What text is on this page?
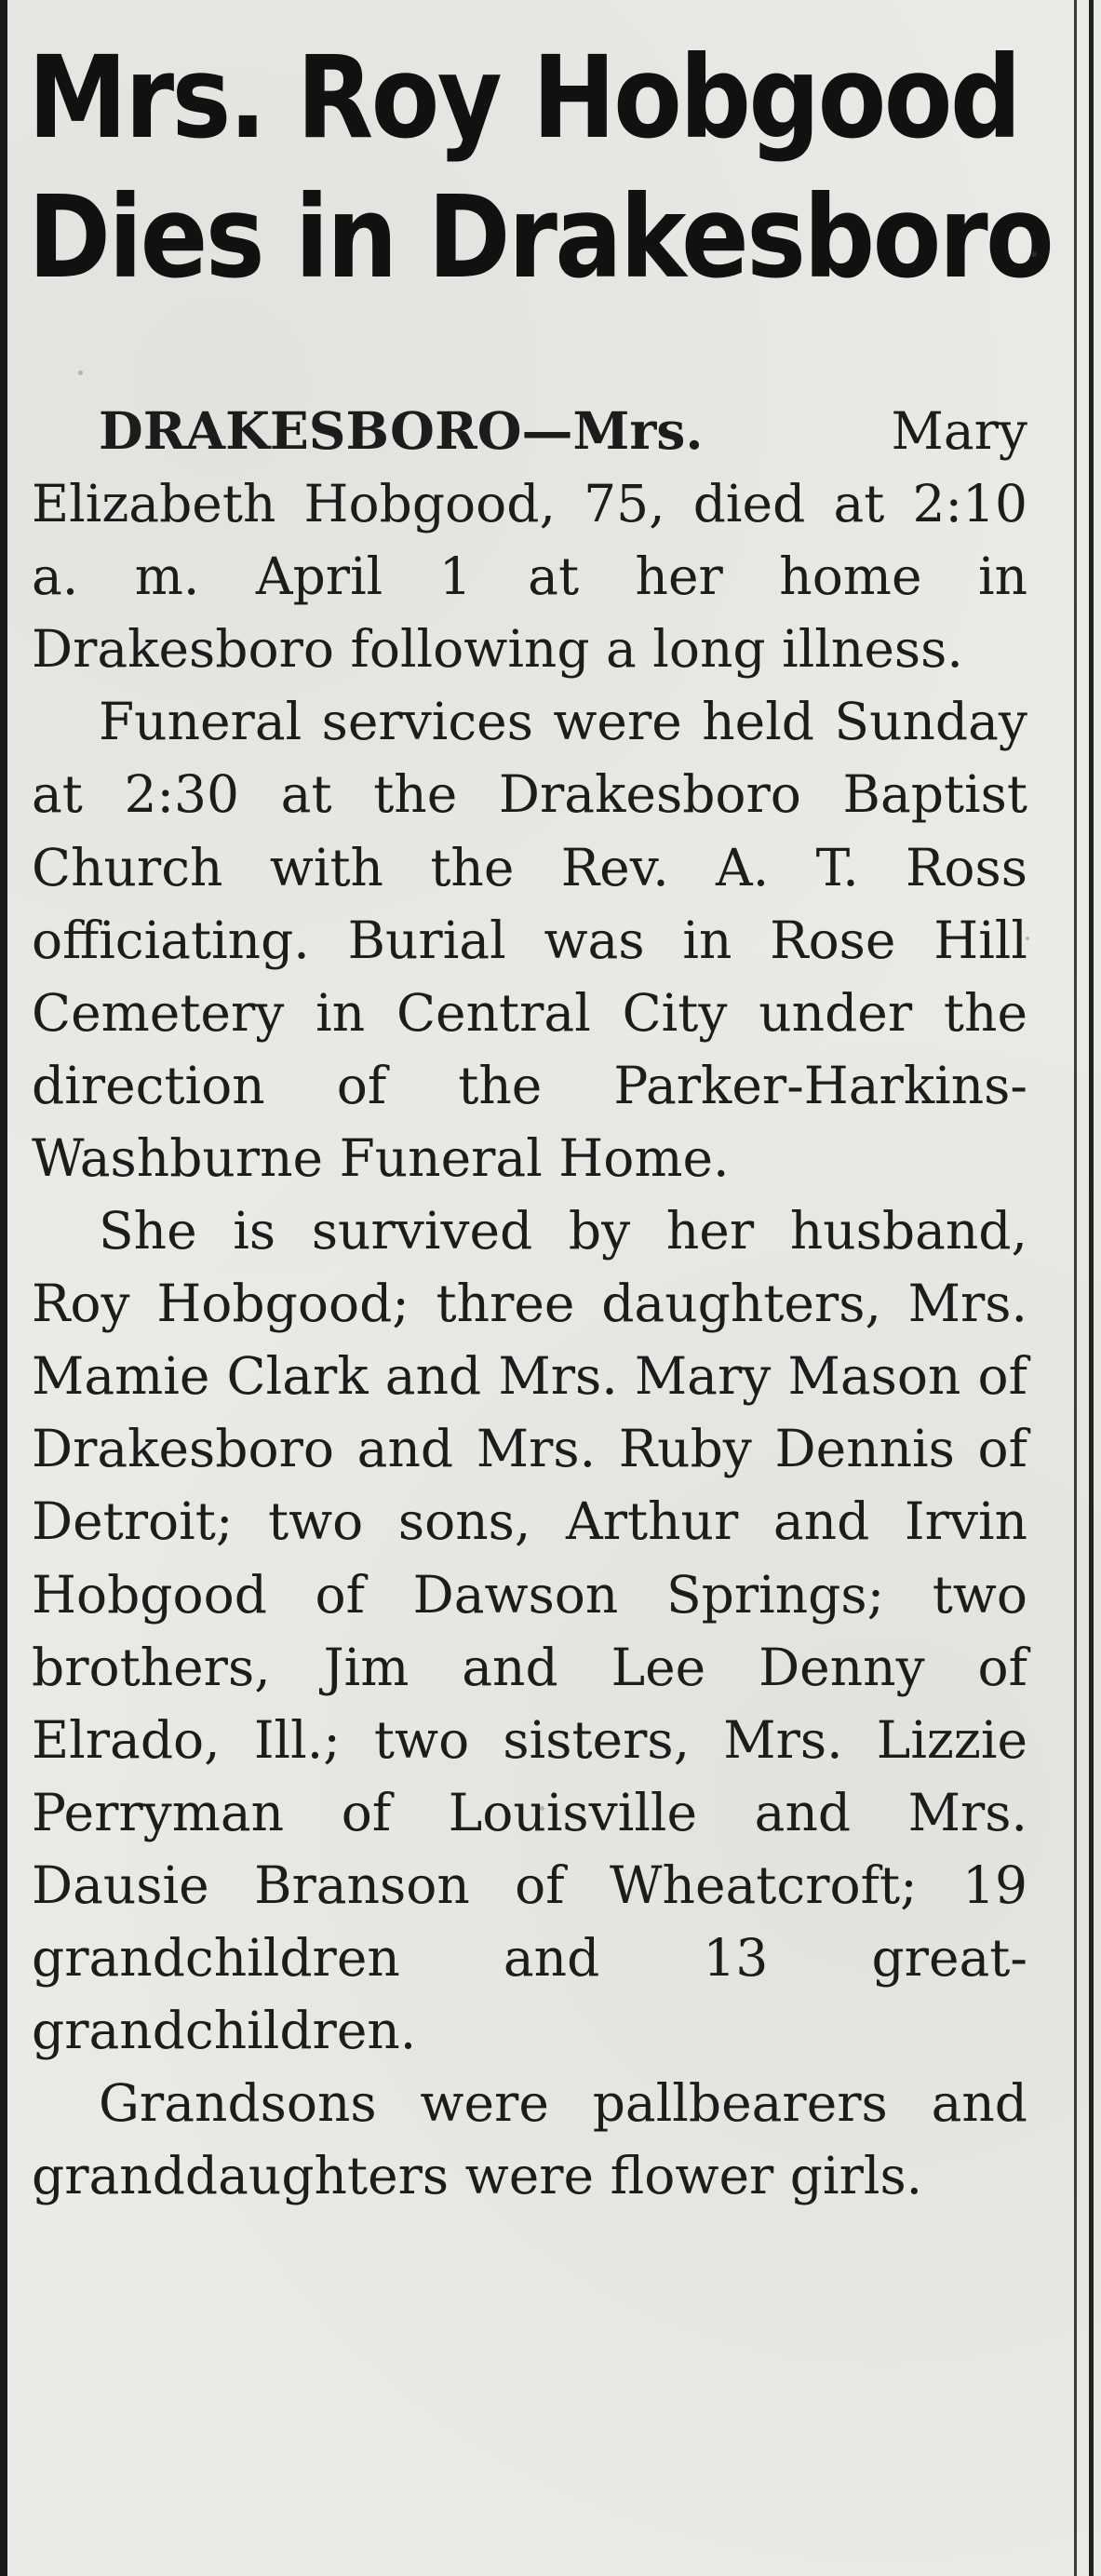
Mrs. Roy Hobgood
Dies in Drakesboro

DRAKESBORO—Mrs. Mary Elizabeth Hobgood, 75, died at 2:10 a. m. April 1 at her home in Drakesboro following a long illness.

Funeral services were held Sunday at 2:30 at the Drakesboro Baptist Church with the Rev. A. T. Ross officiating. Burial was in Rose Hill Cemetery in Central City under the direction of the Parker-Harkins-Washburne Funeral Home.

She is survived by her husband, Roy Hobgood; three daughters, Mrs. Mamie Clark and Mrs. Mary Mason of Drakesboro and Mrs. Ruby Dennis of Detroit; two sons, Arthur and Irvin Hobgood of Dawson Springs; two brothers, Jim and Lee Denny of Elrado, Ill.; two sisters, Mrs. Lizzie Perryman of Louisville and Mrs. Dausie Branson of Wheatcroft; 19 grandchildren and 13 great-grandchildren.

Grandsons were pallbearers and granddaughters were flower girls.
